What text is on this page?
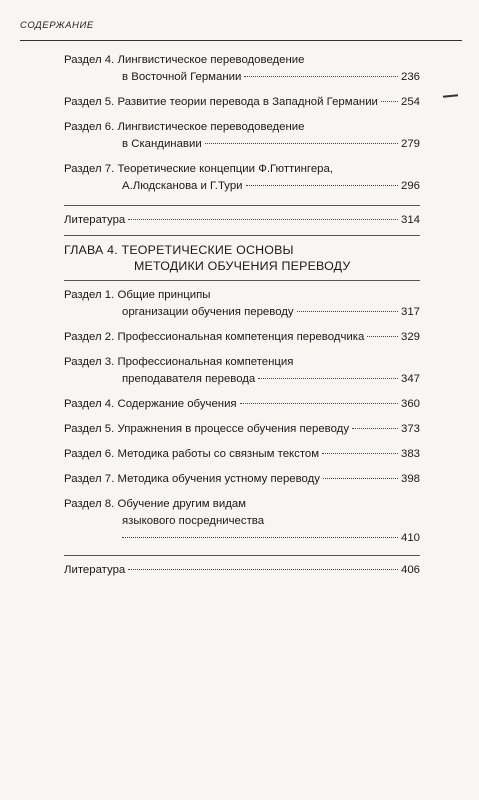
СОДЕРЖАНИЕ
Раздел 4. Лингвистическое переводоведение
в Восточной Германии	236
Раздел 5. Развитие теории перевода в Западной Германии 254
Раздел 6. Лингвистическое переводоведение
в Скандинавии	279
Раздел 7. Теоретические концепции Ф.Гюттингера,
А.Людсканова и Г.Тури	296
Литература	314
ГЛАВА 4. ТЕОРЕТИЧЕСКИЕ ОСНОВЫ
МЕТОДИКИ ОБУЧЕНИЯ ПЕРЕВОДУ
Раздел 1. Общие принципы
организации обучения переводу	317
Раздел 2. Профессиональная компетенция переводчика	329
Раздел 3. Профессиональная компетенция
преподавателя перевода	347
Раздел 4. Содержание обучения	360
Раздел 5. Упражнения в процессе обучения переводу	373
Раздел 6. Методика работы со связным текстом	383
Раздел 7. Методика обучения устному переводу	398
Раздел 8. Обучение другим видам
языкового посредничества
410
Литература	406
